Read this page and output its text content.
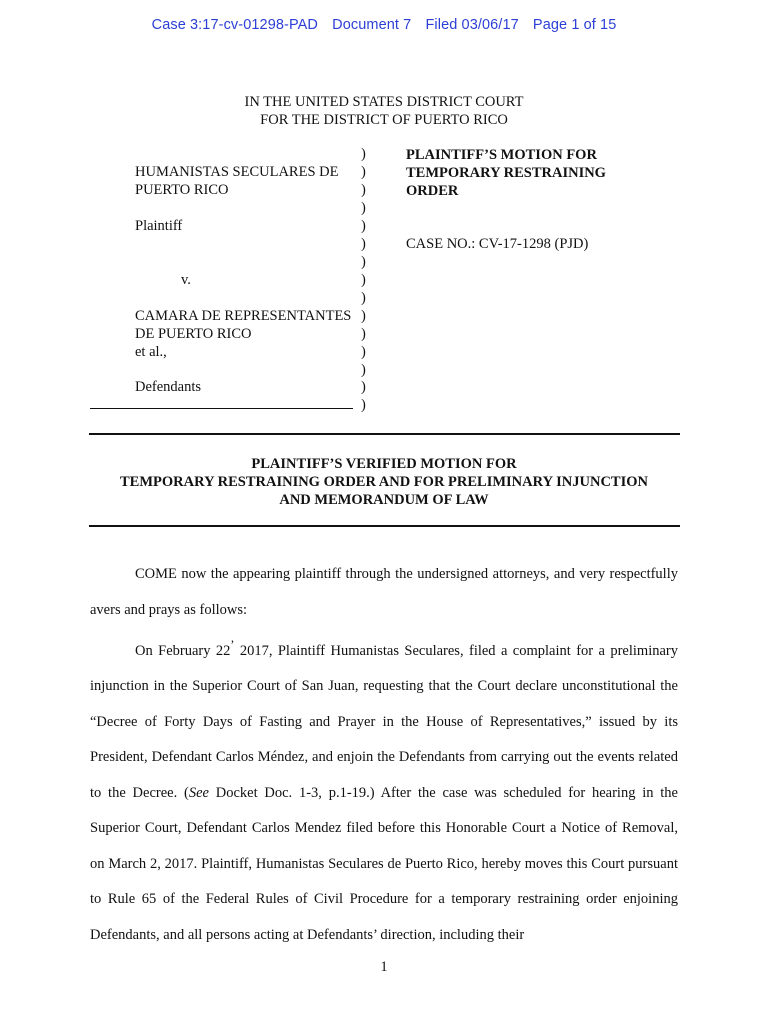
Case 3:17-cv-01298-PAD Document 7 Filed 03/06/17 Page 1 of 15
IN THE UNITED STATES DISTRICT COURT
FOR THE DISTRICT OF PUERTO RICO
HUMANISTAS SECULARES DE
PUERTO RICO
Plaintiff
v.
CAMARA DE REPRESENTANTES
DE PUERTO RICO
et al.,
Defendants
)
)
)
)
)
)
)
)
)
)
)
)
)
)
)
PLAINTIFF’S MOTION FOR
TEMPORARY RESTRAINING
ORDER
CASE NO.: CV-17-1298 (PJD)
PLAINTIFF’S VERIFIED MOTION FOR
TEMPORARY RESTRAINING ORDER AND FOR PRELIMINARY INJUNCTION
AND MEMORANDUM OF LAW

COME now the appearing plaintiff through the undersigned attorneys, and very respectfully avers and prays as follows:

On February 22’ 2017, Plaintiff Humanistas Seculares, filed a complaint for a preliminary injunction in the Superior Court of San Juan, requesting that the Court declare unconstitutional the “Decree of Forty Days of Fasting and Prayer in the House of Representatives,” issued by its President, Defendant Carlos Méndez, and enjoin the Defendants from carrying out the events related to the Decree. (See Docket Doc. 1-3, p.1-19.) After the case was scheduled for hearing in the Superior Court, Defendant Carlos Mendez filed before this Honorable Court a Notice of Removal, on March 2, 2017. Plaintiff, Humanistas Seculares de Puerto Rico, hereby moves this Court pursuant to Rule 65 of the Federal Rules of Civil Procedure for a temporary restraining order enjoining Defendants, and all persons acting at Defendants’ direction, including their

1
